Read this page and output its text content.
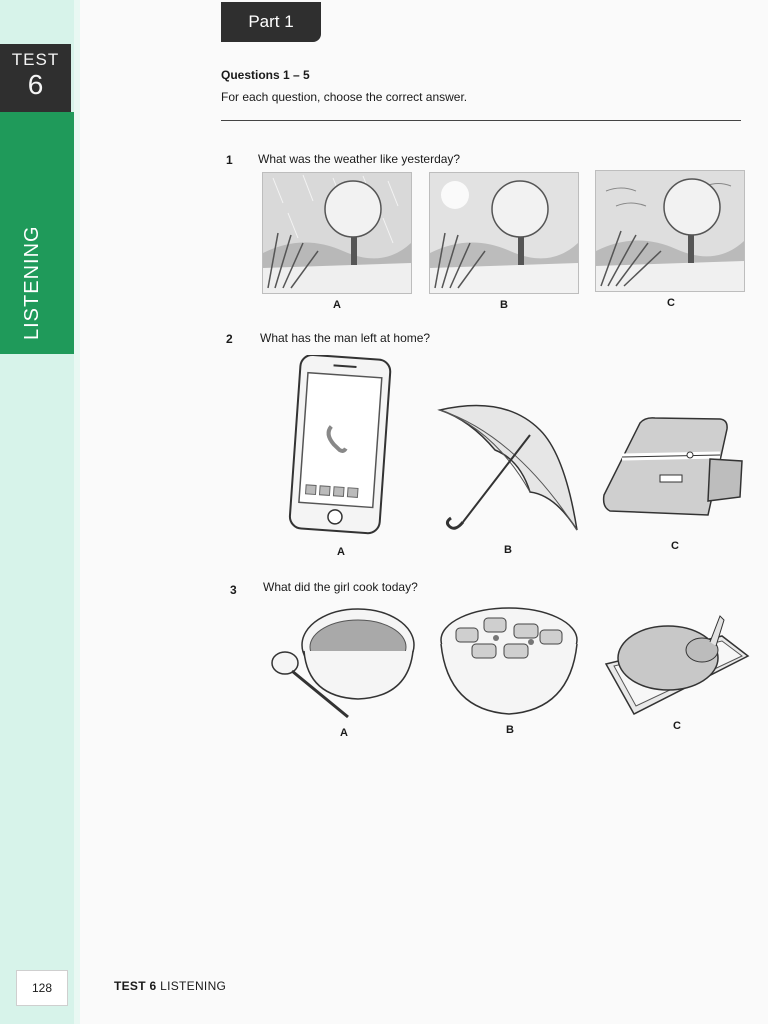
TEST
6
LISTENING
Part 1
Questions 1 – 5
For each question, choose the correct answer.
1 What was the weather like yesterday?
A	B	C
2 What has the man left at home?
A	B	C
3 What did the girl cook today?
A	B	C
128	TEST 6 LISTENING
